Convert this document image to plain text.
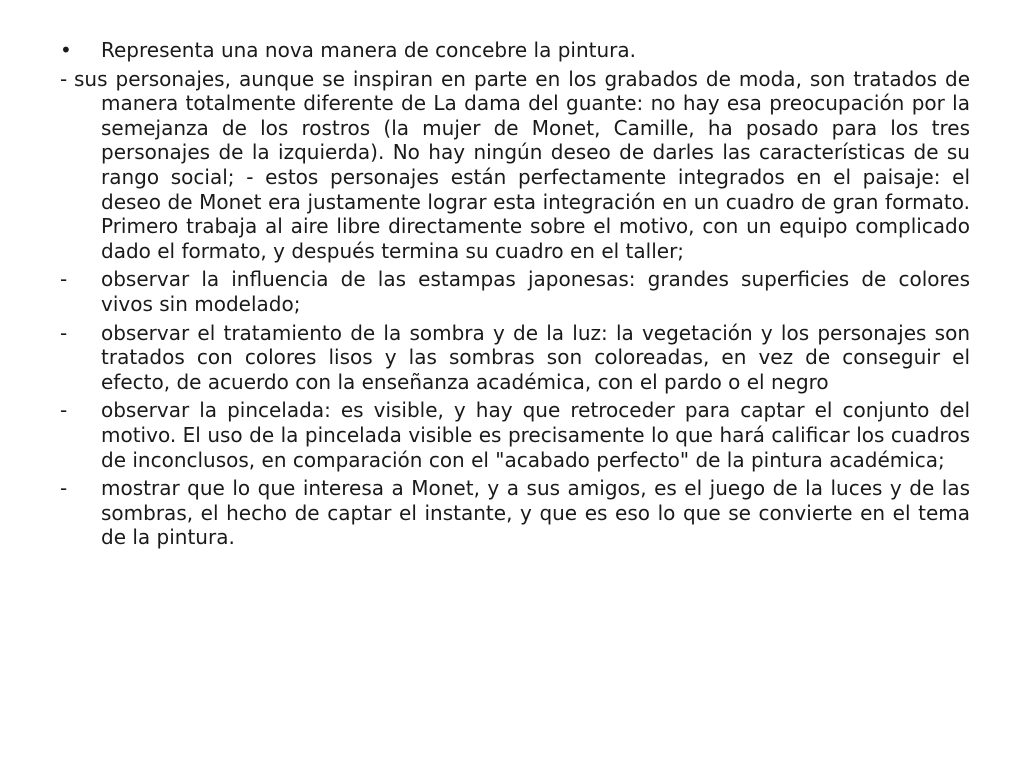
• Representa una nova manera de concebre la pintura.
- sus personajes, aunque se inspiran en parte en los grabados de moda, son tratados de manera totalmente diferente de La dama del guante: no hay esa preocupación por la semejanza de los rostros (la mujer de Monet, Camille, ha posado para los tres personajes de la izquierda). No hay ningún deseo de darles las características de su rango social; - estos personajes están perfectamente integrados en el paisaje: el deseo de Monet era justamente lograr esta integración en un cuadro de gran formato. Primero trabaja al aire libre directamente sobre el motivo, con un equipo complicado dado el formato, y después termina su cuadro en el taller;
- observar la influencia de las estampas japonesas: grandes superficies de colores vivos sin modelado;
- observar el tratamiento de la sombra y de la luz: la vegetación y los personajes son tratados con colores lisos y las sombras son coloreadas, en vez de conseguir el efecto, de acuerdo con la enseñanza académica, con el pardo o el negro
- observar la pincelada: es visible, y hay que retroceder para captar el conjunto del motivo. El uso de la pincelada visible es precisamente lo que hará calificar los cuadros de inconclusos, en comparación con el "acabado perfecto" de la pintura académica;
- mostrar que lo que interesa a Monet, y a sus amigos, es el juego de la luces y de las sombras, el hecho de captar el instante, y que es eso lo que se convierte en el tema de la pintura.
